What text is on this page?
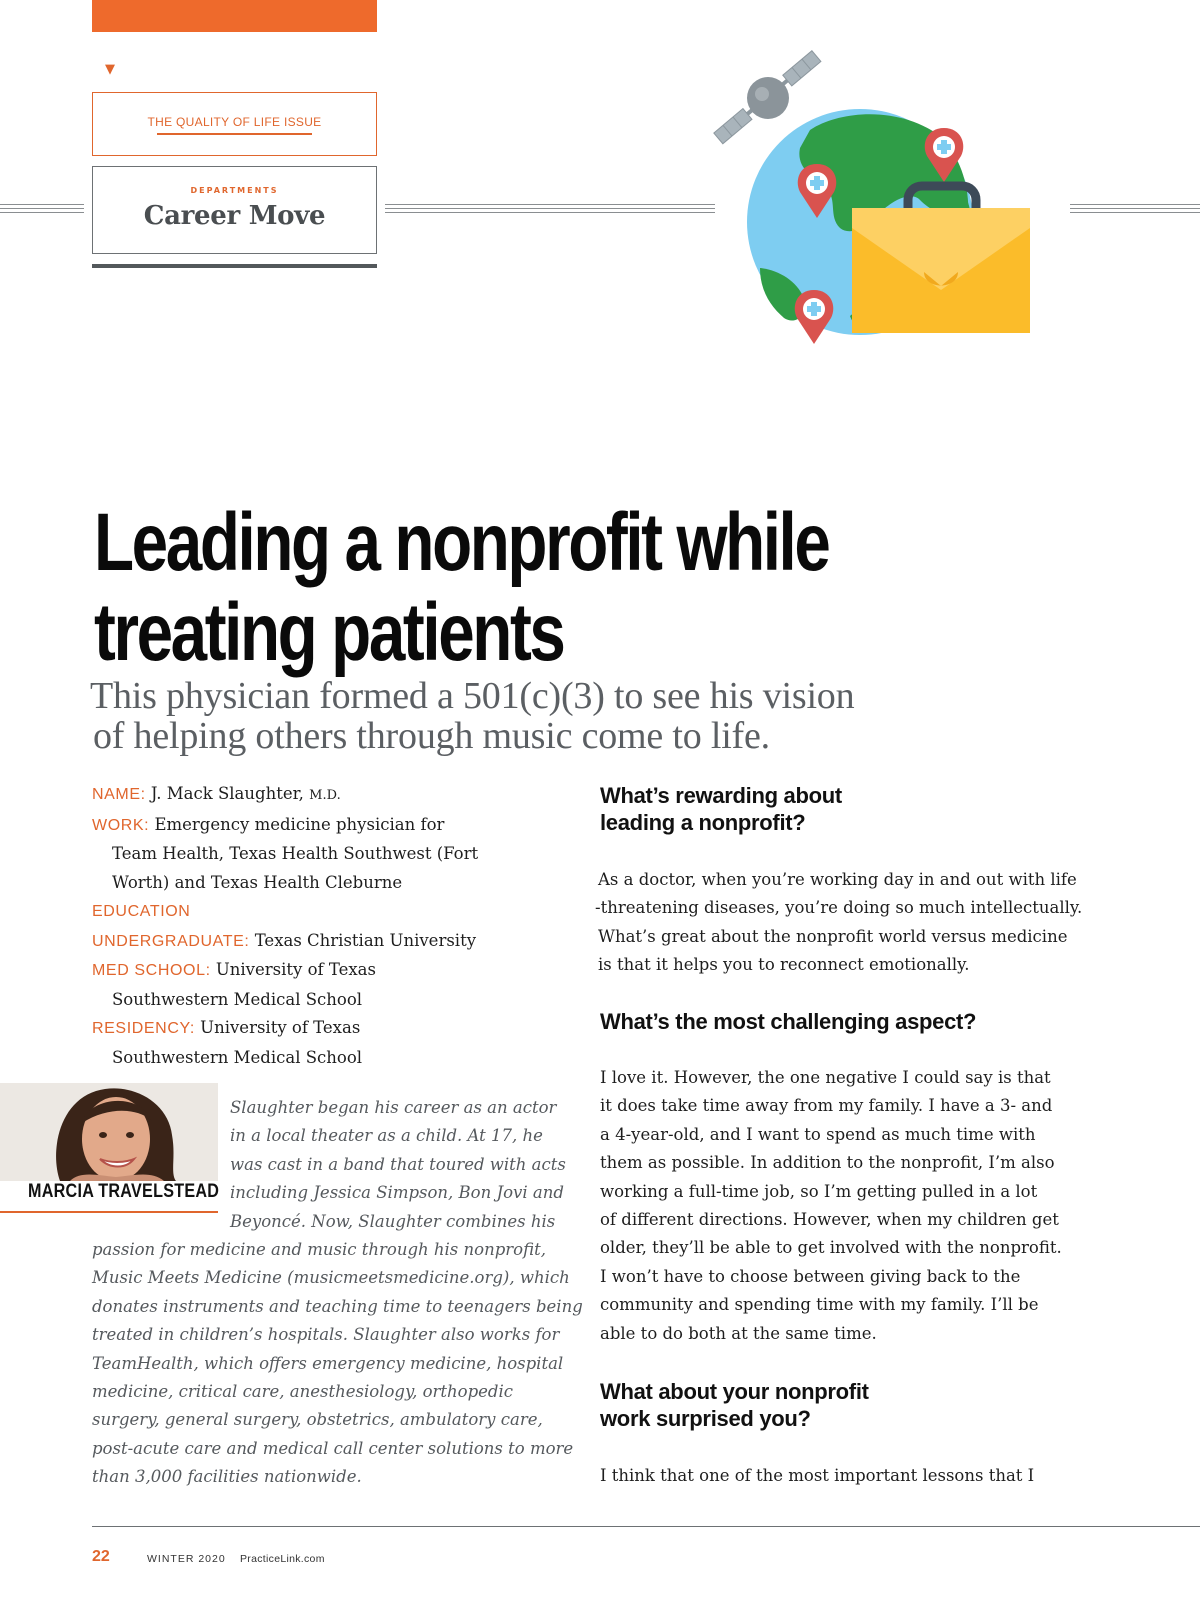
▼
THE QUALITY OF LIFE ISSUE
DEPARTMENTS
Career Move
Leading a nonprofit while
treating patients
This physician formed a 501(c)(3) to see his vision
of helping others through music come to life.
NAME: J. Mack Slaughter, M.D.
WORK: Emergency medicine physician for
Team Health, Texas Health Southwest (Fort
Worth) and Texas Health Cleburne
EDUCATION
UNDERGRADUATE: Texas Christian University
MED SCHOOL: University of Texas
Southwestern Medical School
RESIDENCY: University of Texas
Southwestern Medical School
MARCIA TRAVELSTEAD
Slaughter began his career as an actor
in a local theater as a child. At 17, he
was cast in a band that toured with acts
including Jessica Simpson, Bon Jovi and
Beyoncé. Now, Slaughter combines his
passion for medicine and music through his nonprofit,
Music Meets Medicine (musicmeetsmedicine.org), which
donates instruments and teaching time to teenagers being
treated in children’s hospitals. Slaughter also works for
TeamHealth, which offers emergency medicine, hospital
medicine, critical care, anesthesiology, orthopedic
surgery, general surgery, obstetrics, ambulatory care,
post-acute care and medical call center solutions to more
than 3,000 facilities nationwide.
What’s rewarding about
leading a nonprofit?
As a doctor, when you’re working day in and out with life
-threatening diseases, you’re doing so much intellectually.
What’s great about the nonprofit world versus medicine
is that it helps you to reconnect emotionally.
What’s the most challenging aspect?
I love it. However, the one negative I could say is that
it does take time away from my family. I have a 3- and
a 4-year-old, and I want to spend as much time with
them as possible. In addition to the nonprofit, I’m also
working a full-time job, so I’m getting pulled in a lot
of different directions. However, when my children get
older, they’ll be able to get involved with the nonprofit.
I won’t have to choose between giving back to the
community and spending time with my family. I’ll be
able to do both at the same time.
What about your nonprofit
work surprised you?
I think that one of the most important lessons that I
22	WINTER 2020 PracticeLink.com
